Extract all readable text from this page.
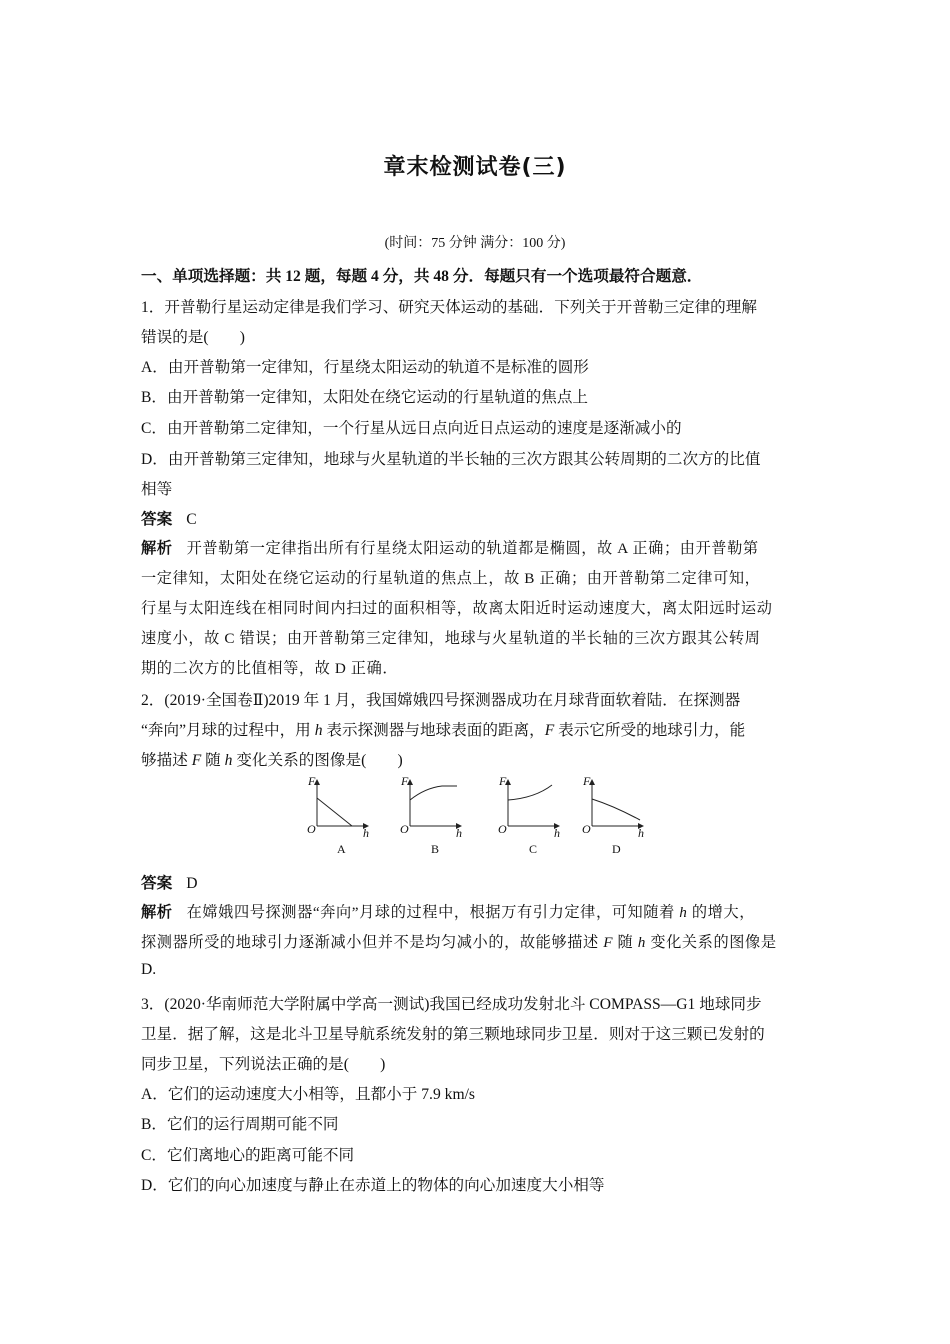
章末检测试卷(三)
(时间：75 分钟 满分：100 分)
一、单项选择题：共 12 题，每题 4 分，共 48 分．每题只有一个选项最符合题意．
1．开普勒行星运动定律是我们学习、研究天体运动的基础．下列关于开普勒三定律的理解
错误的是(　　)
A．由开普勒第一定律知，行星绕太阳运动的轨道不是标准的圆形
B．由开普勒第一定律知，太阳处在绕它运动的行星轨道的焦点上
C．由开普勒第二定律知，一个行星从远日点向近日点运动的速度是逐渐减小的
D．由开普勒第三定律知，地球与火星轨道的半长轴的三次方跟其公转周期的二次方的比值
相等
答案 C
解析 开普勒第一定律指出所有行星绕太阳运动的轨道都是椭圆，故 A 正确；由开普勒第
一定律知，太阳处在绕它运动的行星轨道的焦点上，故 B 正确；由开普勒第二定律可知，
行星与太阳连线在相同时间内扫过的面积相等，故离太阳近时运动速度大，离太阳远时运动
速度小，故 C 错误；由开普勒第三定律知，地球与火星轨道的半长轴的三次方跟其公转周
期的二次方的比值相等，故 D 正确．
2．(2019·全国卷Ⅱ)2019 年 1 月，我国嫦娥四号探测器成功在月球背面软着陆．在探测器
“奔向”月球的过程中，用 h 表示探测器与地球表面的距离，F 表示它所受的地球引力，能
够描述 F 随 h 变化关系的图像是(　　)
F
O	h
A
F
O	h
B
F
O	h
C
F
O	h
D
答案 D
解析 在嫦娥四号探测器“奔向”月球的过程中，根据万有引力定律，可知随着 h 的增大，
探测器所受的地球引力逐渐减小但并不是均匀减小的，故能够描述 F 随 h 变化关系的图像是
D.
3．(2020·华南师范大学附属中学高一测试)我国已经成功发射北斗 COMPASS—G1 地球同步
卫星．据了解，这是北斗卫星导航系统发射的第三颗地球同步卫星．则对于这三颗已发射的
同步卫星，下列说法正确的是(　　)
A．它们的运动速度大小相等，且都小于 7.9 km/s
B．它们的运行周期可能不同
C．它们离地心的距离可能不同
D．它们的向心加速度与静止在赤道上的物体的向心加速度大小相等
